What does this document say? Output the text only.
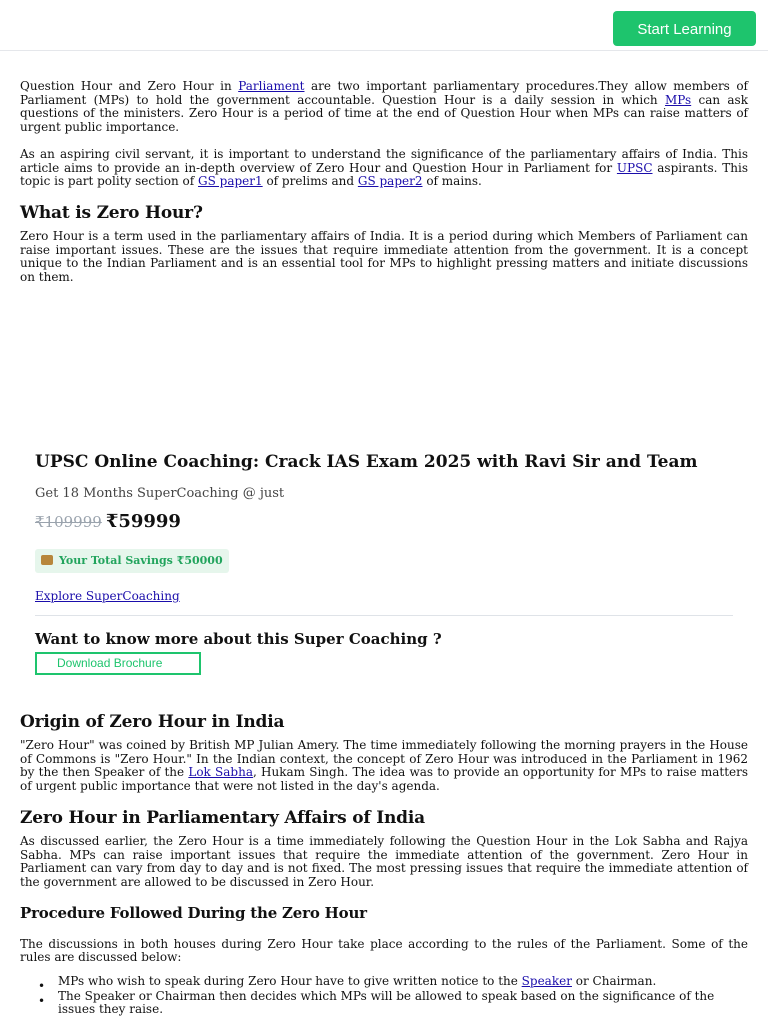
Start Learning

Question Hour and Zero Hour in Parliament are two important parliamentary procedures.They allow members of Parliament (MPs) to hold the government accountable. Question Hour is a daily session in which MPs can ask questions of the ministers. Zero Hour is a period of time at the end of Question Hour when MPs can raise matters of urgent public importance.

As an aspiring civil servant, it is important to understand the significance of the parliamentary affairs of India. This article aims to provide an in-depth overview of Zero Hour and Question Hour in Parliament for UPSC aspirants. This topic is part polity section of GS paper1 of prelims and GS paper2 of mains.

What is Zero Hour?

Zero Hour is a term used in the parliamentary affairs of India. It is a period during which Members of Parliament can raise important issues. These are the issues that require immediate attention from the government. It is a concept unique to the Indian Parliament and is an essential tool for MPs to highlight pressing matters and initiate discussions on them.

UPSC Online Coaching: Crack IAS Exam 2025 with Ravi Sir and Team
Get 18 Months SuperCoaching @ just
₹109999 ₹59999
Your Total Savings ₹50000
Explore SuperCoaching
Want to know more about this Super Coaching ?
Download Brochure
Origin of Zero Hour in India

"Zero Hour" was coined by British MP Julian Amery. The time immediately following the morning prayers in the House of Commons is "Zero Hour." In the Indian context, the concept of Zero Hour was introduced in the Parliament in 1962 by the then Speaker of the Lok Sabha, Hukam Singh. The idea was to provide an opportunity for MPs to raise matters of urgent public importance that were not listed in the day's agenda.

Zero Hour in Parliamentary Affairs of India

As discussed earlier, the Zero Hour is a time immediately following the Question Hour in the Lok Sabha and Rajya Sabha. MPs can raise important issues that require the immediate attention of the government. Zero Hour in Parliament can vary from day to day and is not fixed. The most pressing issues that require the immediate attention of the government are allowed to be discussed in Zero Hour.

Procedure Followed During the Zero Hour

The discussions in both houses during Zero Hour take place according to the rules of the Parliament. Some of the rules are discussed below:

• MPs who wish to speak during Zero Hour have to give written notice to the Speaker or Chairman.
• The Speaker or Chairman then decides which MPs will be allowed to speak based on the significance of the issues they raise.
